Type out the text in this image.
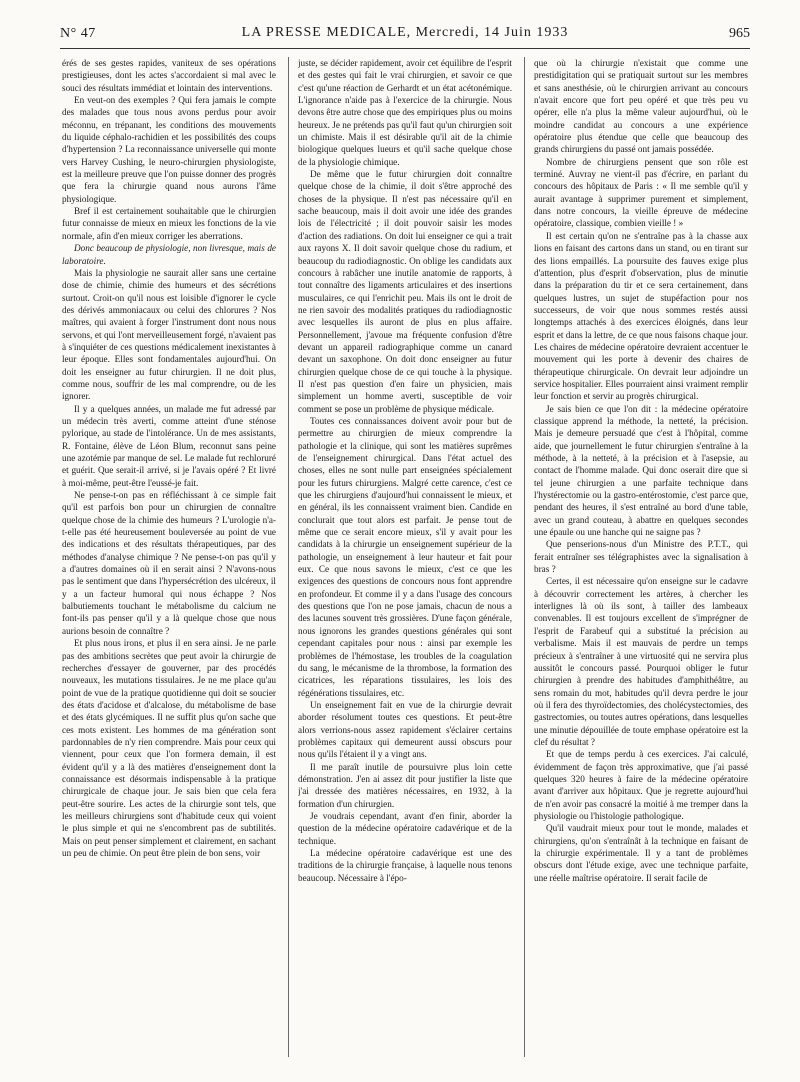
N° 47	LA PRESSE MEDICALE, Mercredi, 14 Juin 1933	965

érés de ses gestes rapides, vaniteux de ses opérations prestigieuses, dont les actes s'accordaient si mal avec le souci des résultats immédiat et lointain des interventions.

En veut-on des exemples ? Qui fera jamais le compte des malades que tous nous avons perdus pour avoir méconnu, en trépanant, les conditions des mouvements du liquide céphalo-rachidien et les possibilités des coups d'hypertension ? La reconnaissance universelle qui monte vers Harvey Cushing, le neuro-chirurgien physiologiste, est la meilleure preuve que l'on puisse donner des progrès que fera la chirurgie quand nous aurons l'âme physiologique.

Bref il est certainement souhaitable que le chirurgien futur connaisse de mieux en mieux les fonctions de la vie normale, afin d'en mieux corriger les aberrations.

Donc beaucoup de physiologie, non livresque, mais de laboratoire.

Mais la physiologie ne saurait aller sans une certaine dose de chimie, chimie des humeurs et des sécrétions surtout. Croit-on qu'il nous est loisible d'ignorer le cycle des dérivés ammoniacaux ou celui des chlorures ? Nos maîtres, qui avaient à forger l'instrument dont nous nous servons, et qui l'ont merveilleusement forgé, n'avaient pas à s'inquiéter de ces questions médicalement inexistantes à leur époque. Elles sont fondamentales aujourd'hui. On doit les enseigner au futur chirurgien. Il ne doit plus, comme nous, souffrir de les mal comprendre, ou de les ignorer.

Il y a quelques années, un malade me fut adressé par un médecin très averti, comme atteint d'une sténose pylorique, au stade de l'intolérance. Un de mes assistants, R. Fontaine, élève de Léon Blum, reconnut sans peine une azotémie par manque de sel. Le malade fut rechloruré et guérit. Que serait-il arrivé, si je l'avais opéré ? Et livré à moi-même, peut-être l'eussé-je fait.

Ne pense-t-on pas en réfléchissant à ce simple fait qu'il est parfois bon pour un chirurgien de connaître quelque chose de la chimie des humeurs ? L'urologie n'a-t-elle pas été heureusement bouleversée au point de vue des indications et des résultats thérapeutiques, par des méthodes d'analyse chimique ? Ne pense-t-on pas qu'il y a d'autres domaines où il en serait ainsi ? N'avons-nous pas le sentiment que dans l'hypersécrétion des ulcéreux, il y a un facteur humoral qui nous échappe ? Nos balbutiements touchant le métabolisme du calcium ne font-ils pas penser qu'il y a là quelque chose que nous aurions besoin de connaître ?

Et plus nous irons, et plus il en sera ainsi. Je ne parle pas des ambitions secrètes que peut avoir la chirurgie de recherches d'essayer de gouverner, par des procédés nouveaux, les mutations tissulaires. Je ne me place qu'au point de vue de la pratique quotidienne qui doit se soucier des états d'acidose et d'alcalose, du métabolisme de base et des états glycémiques. Il ne suffit plus qu'on sache que ces mots existent. Les hommes de ma génération sont pardonnables de n'y rien comprendre. Mais pour ceux qui viennent, pour ceux que l'on formera demain, il est évident qu'il y a là des matières d'enseignement dont la connaissance est désormais indispensable à la pratique chirurgicale de chaque jour. Je sais bien que cela fera peut-être sourire. Les actes de la chirurgie sont tels, que les meilleurs chirurgiens sont d'habitude ceux qui voient le plus simple et qui ne s'encombrent pas de subtilités. Mais on peut penser simplement et clairement, en sachant un peu de chimie. On peut être plein de bon sens, voir

juste, se décider rapidement, avoir cet équilibre de l'esprit et des gestes qui fait le vrai chirurgien, et savoir ce que c'est qu'une réaction de Gerhardt et un état acétonémique. L'ignorance n'aide pas à l'exercice de la chirurgie. Nous devons être autre chose que des empiriques plus ou moins heureux. Je ne prétends pas qu'il faut qu'un chirurgien soit un chimiste. Mais il est désirable qu'il ait de la chimie biologique quelques lueurs et qu'il sache quelque chose de la physiologie chimique.

De même que le futur chirurgien doit connaître quelque chose de la chimie, il doit s'être approché des choses de la physique. Il n'est pas nécessaire qu'il en sache beaucoup, mais il doit avoir une idée des grandes lois de l'électricité ; il doit pouvoir saisir les modes d'action des radiations. On doit lui enseigner ce qui a trait aux rayons X. Il doit savoir quelque chose du radium, et beaucoup du radiodiagnostic. On oblige les candidats aux concours à rabâcher une inutile anatomie de rapports, à tout connaître des ligaments articulaires et des insertions musculaires, ce qui l'enrichit peu. Mais ils ont le droit de ne rien savoir des modalités pratiques du radiodiagnostic avec lesquelles ils auront de plus en plus affaire. Personnellement, j'avoue ma fréquente confusion d'être devant un appareil radiographique comme un canard devant un saxophone. On doit donc enseigner au futur chirurgien quelque chose de ce qui touche à la physique. Il n'est pas question d'en faire un physicien, mais simplement un homme averti, susceptible de voir comment se pose un problème de physique médicale.

Toutes ces connaissances doivent avoir pour but de permettre au chirurgien de mieux comprendre la pathologie et la clinique, qui sont les matières suprêmes de l'enseignement chirurgical. Dans l'état actuel des choses, elles ne sont nulle part enseignées spécialement pour les futurs chirurgiens. Malgré cette carence, c'est ce que les chirurgiens d'aujourd'hui connaissent le mieux, et en général, ils les connaissent vraiment bien. Candide en conclurait que tout alors est parfait. Je pense tout de même que ce serait encore mieux, s'il y avait pour les candidats à la chirurgie un enseignement supérieur de la pathologie, un enseignement à leur hauteur et fait pour eux. Ce que nous savons le mieux, c'est ce que les exigences des questions de concours nous font apprendre en profondeur. Et comme il y a dans l'usage des concours des questions que l'on ne pose jamais, chacun de nous a des lacunes souvent très grossières. D'une façon générale, nous ignorons les grandes questions générales qui sont cependant capitales pour nous : ainsi par exemple les problèmes de l'hémostase, les troubles de la coagulation du sang, le mécanisme de la thrombose, la formation des cicatrices, les réparations tissulaires, les lois des régénérations tissulaires, etc.

Un enseignement fait en vue de la chirurgie devrait aborder résolument toutes ces questions. Et peut-être alors verrions-nous assez rapidement s'éclairer certains problèmes capitaux qui demeurent aussi obscurs pour nous qu'ils l'étaient il y a vingt ans.

Il me paraît inutile de poursuivre plus loin cette démonstration. J'en ai assez dit pour justifier la liste que j'ai dressée des matières nécessaires, en 1932, à la formation d'un chirurgien.

Je voudrais cependant, avant d'en finir, aborder la question de la médecine opératoire cadavérique et de la technique.

La médecine opératoire cadavérique est une des traditions de la chirurgie française, à laquelle nous tenons beaucoup. Nécessaire à l'épo-

que où la chirurgie n'existait que comme une prestidigitation qui se pratiquait surtout sur les membres et sans anesthésie, où le chirurgien arrivant au concours n'avait encore que fort peu opéré et que très peu vu opérer, elle n'a plus la même valeur aujourd'hui, où le moindre candidat au concours a une expérience opératoire plus étendue que celle que beaucoup des grands chirurgiens du passé ont jamais possédée.

Nombre de chirurgiens pensent que son rôle est terminé. Auvray ne vient-il pas d'écrire, en parlant du concours des hôpitaux de Paris : « Il me semble qu'il y aurait avantage à supprimer purement et simplement, dans notre concours, la vieille épreuve de médecine opératoire, classique, combien vieille ! »

Il est certain qu'on ne s'entraîne pas à la chasse aux lions en faisant des cartons dans un stand, ou en tirant sur des lions empaillés. La poursuite des fauves exige plus d'attention, plus d'esprit d'observation, plus de minutie dans la préparation du tir et ce sera certainement, dans quelques lustres, un sujet de stupéfaction pour nos successeurs, de voir que nous sommes restés aussi longtemps attachés à des exercices éloignés, dans leur esprit et dans la lettre, de ce que nous faisons chaque jour. Les chaires de médecine opératoire devraient accentuer le mouvement qui les porte à devenir des chaires de thérapeutique chirurgicale. On devrait leur adjoindre un service hospitalier. Elles pourraient ainsi vraiment remplir leur fonction et servir au progrès chirurgical.

Je sais bien ce que l'on dit : la médecine opératoire classique apprend la méthode, la netteté, la précision. Mais je demeure persuadé que c'est à l'hôpital, comme aide, que journellement le futur chirurgien s'entraîne à la méthode, à la netteté, à la précision et à l'asepsie, au contact de l'homme malade. Qui donc oserait dire que si tel jeune chirurgien a une parfaite technique dans l'hystérectomie ou la gastro-entérostomie, c'est parce que, pendant des heures, il s'est entraîné au bord d'une table, avec un grand couteau, à abattre en quelques secondes une épaule ou une hanche qui ne saigne pas ?

Que penserions-nous d'un Ministre des P.T.T., qui ferait entraîner ses télégraphistes avec la signalisation à bras ?

Certes, il est nécessaire qu'on enseigne sur le cadavre à découvrir correctement les artères, à chercher les interlignes là où ils sont, à tailler des lambeaux convenables. Il est toujours excellent de s'imprégner de l'esprit de Farabeuf qui a substitué la précision au verbalisme. Mais il est mauvais de perdre un temps précieux à s'entraîner à une virtuosité qui ne servira plus aussitôt le concours passé. Pourquoi obliger le futur chirurgien à prendre des habitudes d'amphithéâtre, au sens romain du mot, habitudes qu'il devra perdre le jour où il fera des thyroïdectomies, des cholécystectomies, des gastrectomies, ou toutes autres opérations, dans lesquelles une minutie dépouillée de toute emphase opératoire est la clef du résultat ?

Et que de temps perdu à ces exercices. J'ai calculé, évidemment de façon très approximative, que j'ai passé quelques 320 heures à faire de la médecine opératoire avant d'arriver aux hôpitaux. Que je regrette aujourd'hui de n'en avoir pas consacré la moitié à me tremper dans la physiologie ou l'histologie pathologique.

Qu'il vaudrait mieux pour tout le monde, malades et chirurgiens, qu'on s'entraînât à la technique en faisant de la chirurgie expérimentale. Il y a tant de problèmes obscurs dont l'étude exige, avec une technique parfaite, une réelle maîtrise opératoire. Il serait facile de
